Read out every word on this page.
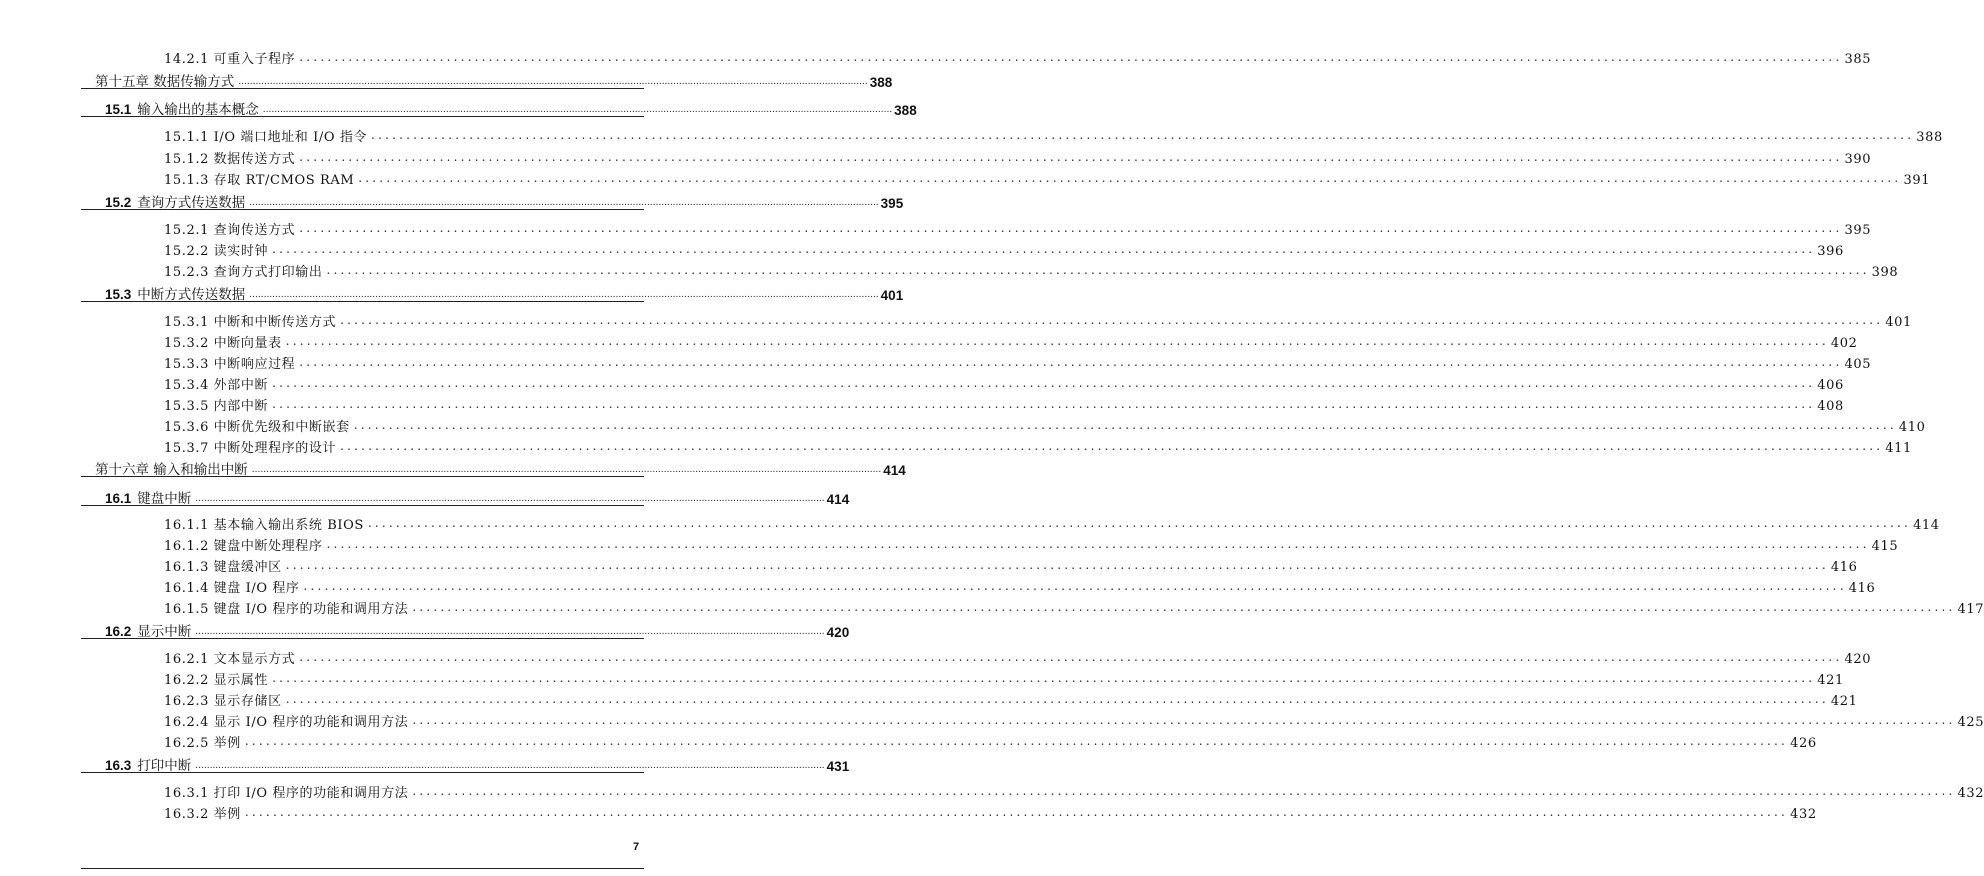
14.2.1 可重入子程序 ............................................................................................................................................................................................................................ 385
第十五章 数据传输方式 ............................................................................................................................................................................................................................ 388
15.1 输入输出的基本概念 ............................................................................................................................................................................................................................ 388
15.1.1 I/O 端口地址和 I/O 指令 ............................................................................................................................................................................................................................ 388
15.1.2 数据传送方式 ............................................................................................................................................................................................................................ 390
15.1.3 存取 RT/CMOS RAM ............................................................................................................................................................................................................................ 391
15.2 查询方式传送数据 ............................................................................................................................................................................................................................ 395
15.2.1 查询传送方式 ............................................................................................................................................................................................................................ 395
15.2.2 读实时钟 ............................................................................................................................................................................................................................ 396
15.2.3 查询方式打印输出 ............................................................................................................................................................................................................................ 398
15.3 中断方式传送数据 ............................................................................................................................................................................................................................ 401
15.3.1 中断和中断传送方式 ............................................................................................................................................................................................................................ 401
15.3.2 中断向量表 ............................................................................................................................................................................................................................ 402
15.3.3 中断响应过程 ............................................................................................................................................................................................................................ 405
15.3.4 外部中断 ............................................................................................................................................................................................................................ 406
15.3.5 内部中断 ............................................................................................................................................................................................................................ 408
15.3.6 中断优先级和中断嵌套 ............................................................................................................................................................................................................................ 410
15.3.7 中断处理程序的设计 ............................................................................................................................................................................................................................ 411
第十六章 输入和输出中断 ............................................................................................................................................................................................................................ 414
16.1 键盘中断 ............................................................................................................................................................................................................................ 414
16.1.1 基本输入输出系统 BIOS ............................................................................................................................................................................................................................ 414
16.1.2 键盘中断处理程序 ............................................................................................................................................................................................................................ 415
16.1.3 键盘缓冲区 ............................................................................................................................................................................................................................ 416
16.1.4 键盘 I/O 程序 ............................................................................................................................................................................................................................ 416
16.1.5 键盘 I/O 程序的功能和调用方法 ............................................................................................................................................................................................................................ 417
16.2 显示中断 ............................................................................................................................................................................................................................ 420
16.2.1 文本显示方式 ............................................................................................................................................................................................................................ 420
16.2.2 显示属性 ............................................................................................................................................................................................................................ 421
16.2.3 显示存储区 ............................................................................................................................................................................................................................ 421
16.2.4 显示 I/O 程序的功能和调用方法 ............................................................................................................................................................................................................................ 425
16.2.5 举例 ............................................................................................................................................................................................................................ 426
16.3 打印中断 ............................................................................................................................................................................................................................ 431
16.3.1 打印 I/O 程序的功能和调用方法 ............................................................................................................................................................................................................................ 432
16.3.2 举例 ............................................................................................................................................................................................................................ 432
7
